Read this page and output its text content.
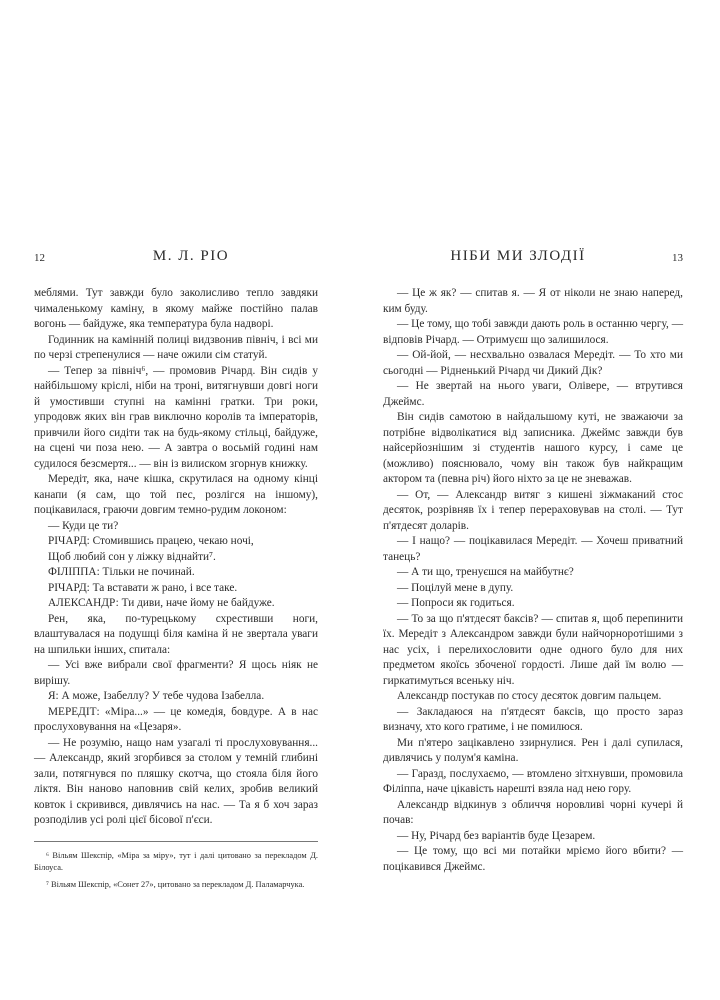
12	М. Л. РІО

меблями. Тут завжди було заколисливо тепло завдяки чималенькому каміну, в якому майже постійно палав вогонь — байдуже, яка температура була надворі.

Годинник на камінній полиці видзвонив північ, і всі ми по черзі стрепенулися — наче ожили сім статуй.

— Тепер за північ⁶, — промовив Річард. Він сидів у найбільшому кріслі, ніби на троні, витягнувши довгі ноги й умостивши ступні на камінні гратки. Три роки, упродовж яких він грав виключно королів та імператорів, привчили його сидіти так на будь-якому стільці, байдуже, на сцені чи поза нею. — А завтра о восьмій годині нам судилося безсмертя... — він із вилиском згорнув книжку.

Мередіт, яка, наче кішка, скрутилася на одному кінці канапи (я сам, що той пес, розлігся на іншому), поцікавилася, граючи довгим темно-рудим локоном:

— Куди це ти?

РІЧАРД: Стомившись працею, чекаю ночі,

Щоб любий сон у ліжку віднайти⁷.

ФІЛІППА: Тільки не починай.

РІЧАРД: Та вставати ж рано, і все таке.

АЛЕКСАНДР: Ти диви, наче йому не байдуже.

Рен, яка, по-турецькому схрестивши ноги, влаштувалася на подушці біля каміна й не звертала уваги на шпильки інших, спитала:

— Усі вже вибрали свої фрагменти? Я щось ніяк не вирішу.

Я: А може, Ізабеллу? У тебе чудова Ізабелла.

МЕРЕДІТ: «Міра...» — це комедія, бовдуре. А в нас прослуховування на «Цезаря».

— Не розумію, нащо нам узагалі ті прослуховування... — Александр, який згорбився за столом у темній глибині зали, потягнувся по пляшку скотча, що стояла біля його ліктя. Він наново наповнив свій келих, зробив великий ковток і скривився, дивлячись на нас. — Та я б хоч зараз розподілив усі ролі цієї бісової п'єси.

⁶ Вільям Шекспір, «Міра за міру», тут і далі цитовано за перекладом Д. Білоуса.

⁷ Вільям Шекспір, «Сонет 27», цитовано за перекладом Д. Паламарчука.

НІБИ МИ ЗЛОДІЇ	13

— Це ж як? — спитав я. — Я от ніколи не знаю наперед, ким буду.

— Це тому, що тобі завжди дають роль в останню чергу, — відповів Річард. — Отримуєш що залишилося.

— Ой-йой, — несхвально озвалася Мередіт. — То хто ми сьогодні — Рідненький Річард чи Дикий Дік?

— Не звертай на нього уваги, Олівере, — втрутився Джеймс.

Він сидів самотою в найдальшому куті, не зважаючи за потрібне відволікатися від записника. Джеймс завжди був найсерйознішим зі студентів нашого курсу, і саме це (можливо) пояснювало, чому він також був найкращим актором та (певна річ) його ніхто за це не зневажав.

— От, — Александр витяг з кишені зіжмаканий стос десяток, розрівняв їх і тепер перераховував на столі. — Тут п'ятдесят доларів.

— І нащо? — поцікавилася Мередіт. — Хочеш приватний танець?

— А ти що, тренуєшся на майбутнє?

— Поцілуй мене в дупу.

— Попроси як годиться.

— То за що п'ятдесят баксів? — спитав я, щоб перепинити їх. Мередіт з Александром завжди були найчорноротішими з нас усіх, і перелихословити одне одного було для них предметом якоїсь збоченої гордості. Лише дай їм волю — гиркатимуться всеньку ніч.

Александр постукав по стосу десяток довгим пальцем.

— Закладаюся на п'ятдесят баксів, що просто зараз визначу, хто кого гратиме, і не помилюся.

Ми п'ятеро зацікавлено ззирнулися. Рен і далі супилася, дивлячись у полум'я каміна.

— Гаразд, послухаємо, — втомлено зітхнувши, промовила Філіппа, наче цікавість нарешті взяла над нею гору.

Александр відкинув з обличчя норовливі чорні кучері й почав:

— Ну, Річард без варіантів буде Цезарем.

— Це тому, що всі ми потайки мріємо його вбити? — поцікавився Джеймс.
